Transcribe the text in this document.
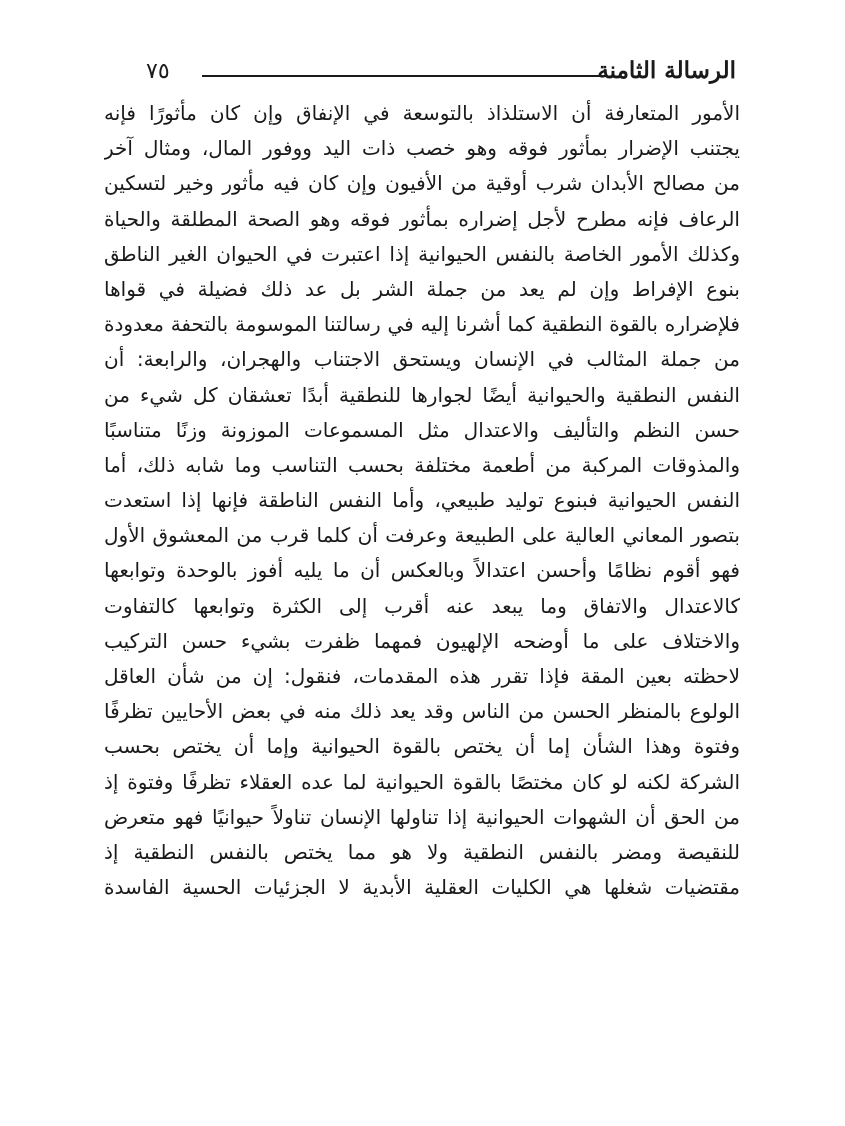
٧٥	الرسالة الثامنة
الأمور المتعارفة أن الاستلذاذ بالتوسعة في الإنفاق وإن كان مأثورًا فإنه
يجتنب الإضرار بمأثور فوقه وهو خصب ذات اليد ووفور المال، ومثال آخر
من مصالح الأبدان شرب أوقية من الأفيون وإن كان فيه مأثور وخير لتسكين
الرعاف فإنه مطرح لأجل إضراره بمأثور فوقه وهو الصحة المطلقة والحياة
وكذلك الأمور الخاصة بالنفس الحيوانية إذا اعتبرت في الحيوان الغير الناطق
بنوع الإفراط وإن لم يعد من جملة الشر بل عد ذلك فضيلة في قواها
فلإضراره بالقوة النطقية كما أشرنا إليه في رسالتنا الموسومة بالتحفة معدودة
من جملة المثالب في الإنسان ويستحق الاجتناب والهجران، والرابعة: أن
النفس النطقية والحيوانية أيضًا لجوارها للنطقية أبدًا تعشقان كل شيء من
حسن النظم والتأليف والاعتدال مثل المسموعات الموزونة وزنًا متناسبًا
والمذوقات المركبة من أطعمة مختلفة بحسب التناسب وما شابه ذلك، أما
النفس الحيوانية فبنوع توليد طبيعي، وأما النفس الناطقة فإنها إذا استعدت
بتصور المعاني العالية على الطبيعة وعرفت أن كلما قرب من المعشوق الأول
فهو أقوم نظامًا وأحسن اعتدالاً وبالعكس أن ما يليه أفوز بالوحدة وتوابعها
كالاعتدال والاتفاق وما يبعد عنه أقرب إلى الكثرة وتوابعها كالتفاوت
والاختلاف على ما أوضحه الإلهيون فمهما ظفرت بشيء حسن التركيب
لاحظته بعين المقة فإذا تقرر هذه المقدمات، فنقول: إن من شأن العاقل
الولوع بالمنظر الحسن من الناس وقد يعد ذلك منه في بعض الأحايين تظرفًا
وفتوة وهذا الشأن إما أن يختص بالقوة الحيوانية وإما أن يختص بحسب
الشركة لكنه لو كان مختصًا بالقوة الحيوانية لما عده العقلاء تظرفًا وفتوة إذ
من الحق أن الشهوات الحيوانية إذا تناولها الإنسان تناولاً حيوانيًا فهو متعرض
للنقيصة ومضر بالنفس النطقية ولا هو مما يختص بالنفس النطقية إذ
مقتضيات شغلها هي الكليات العقلية الأبدية لا الجزئيات الحسية الفاسدة
